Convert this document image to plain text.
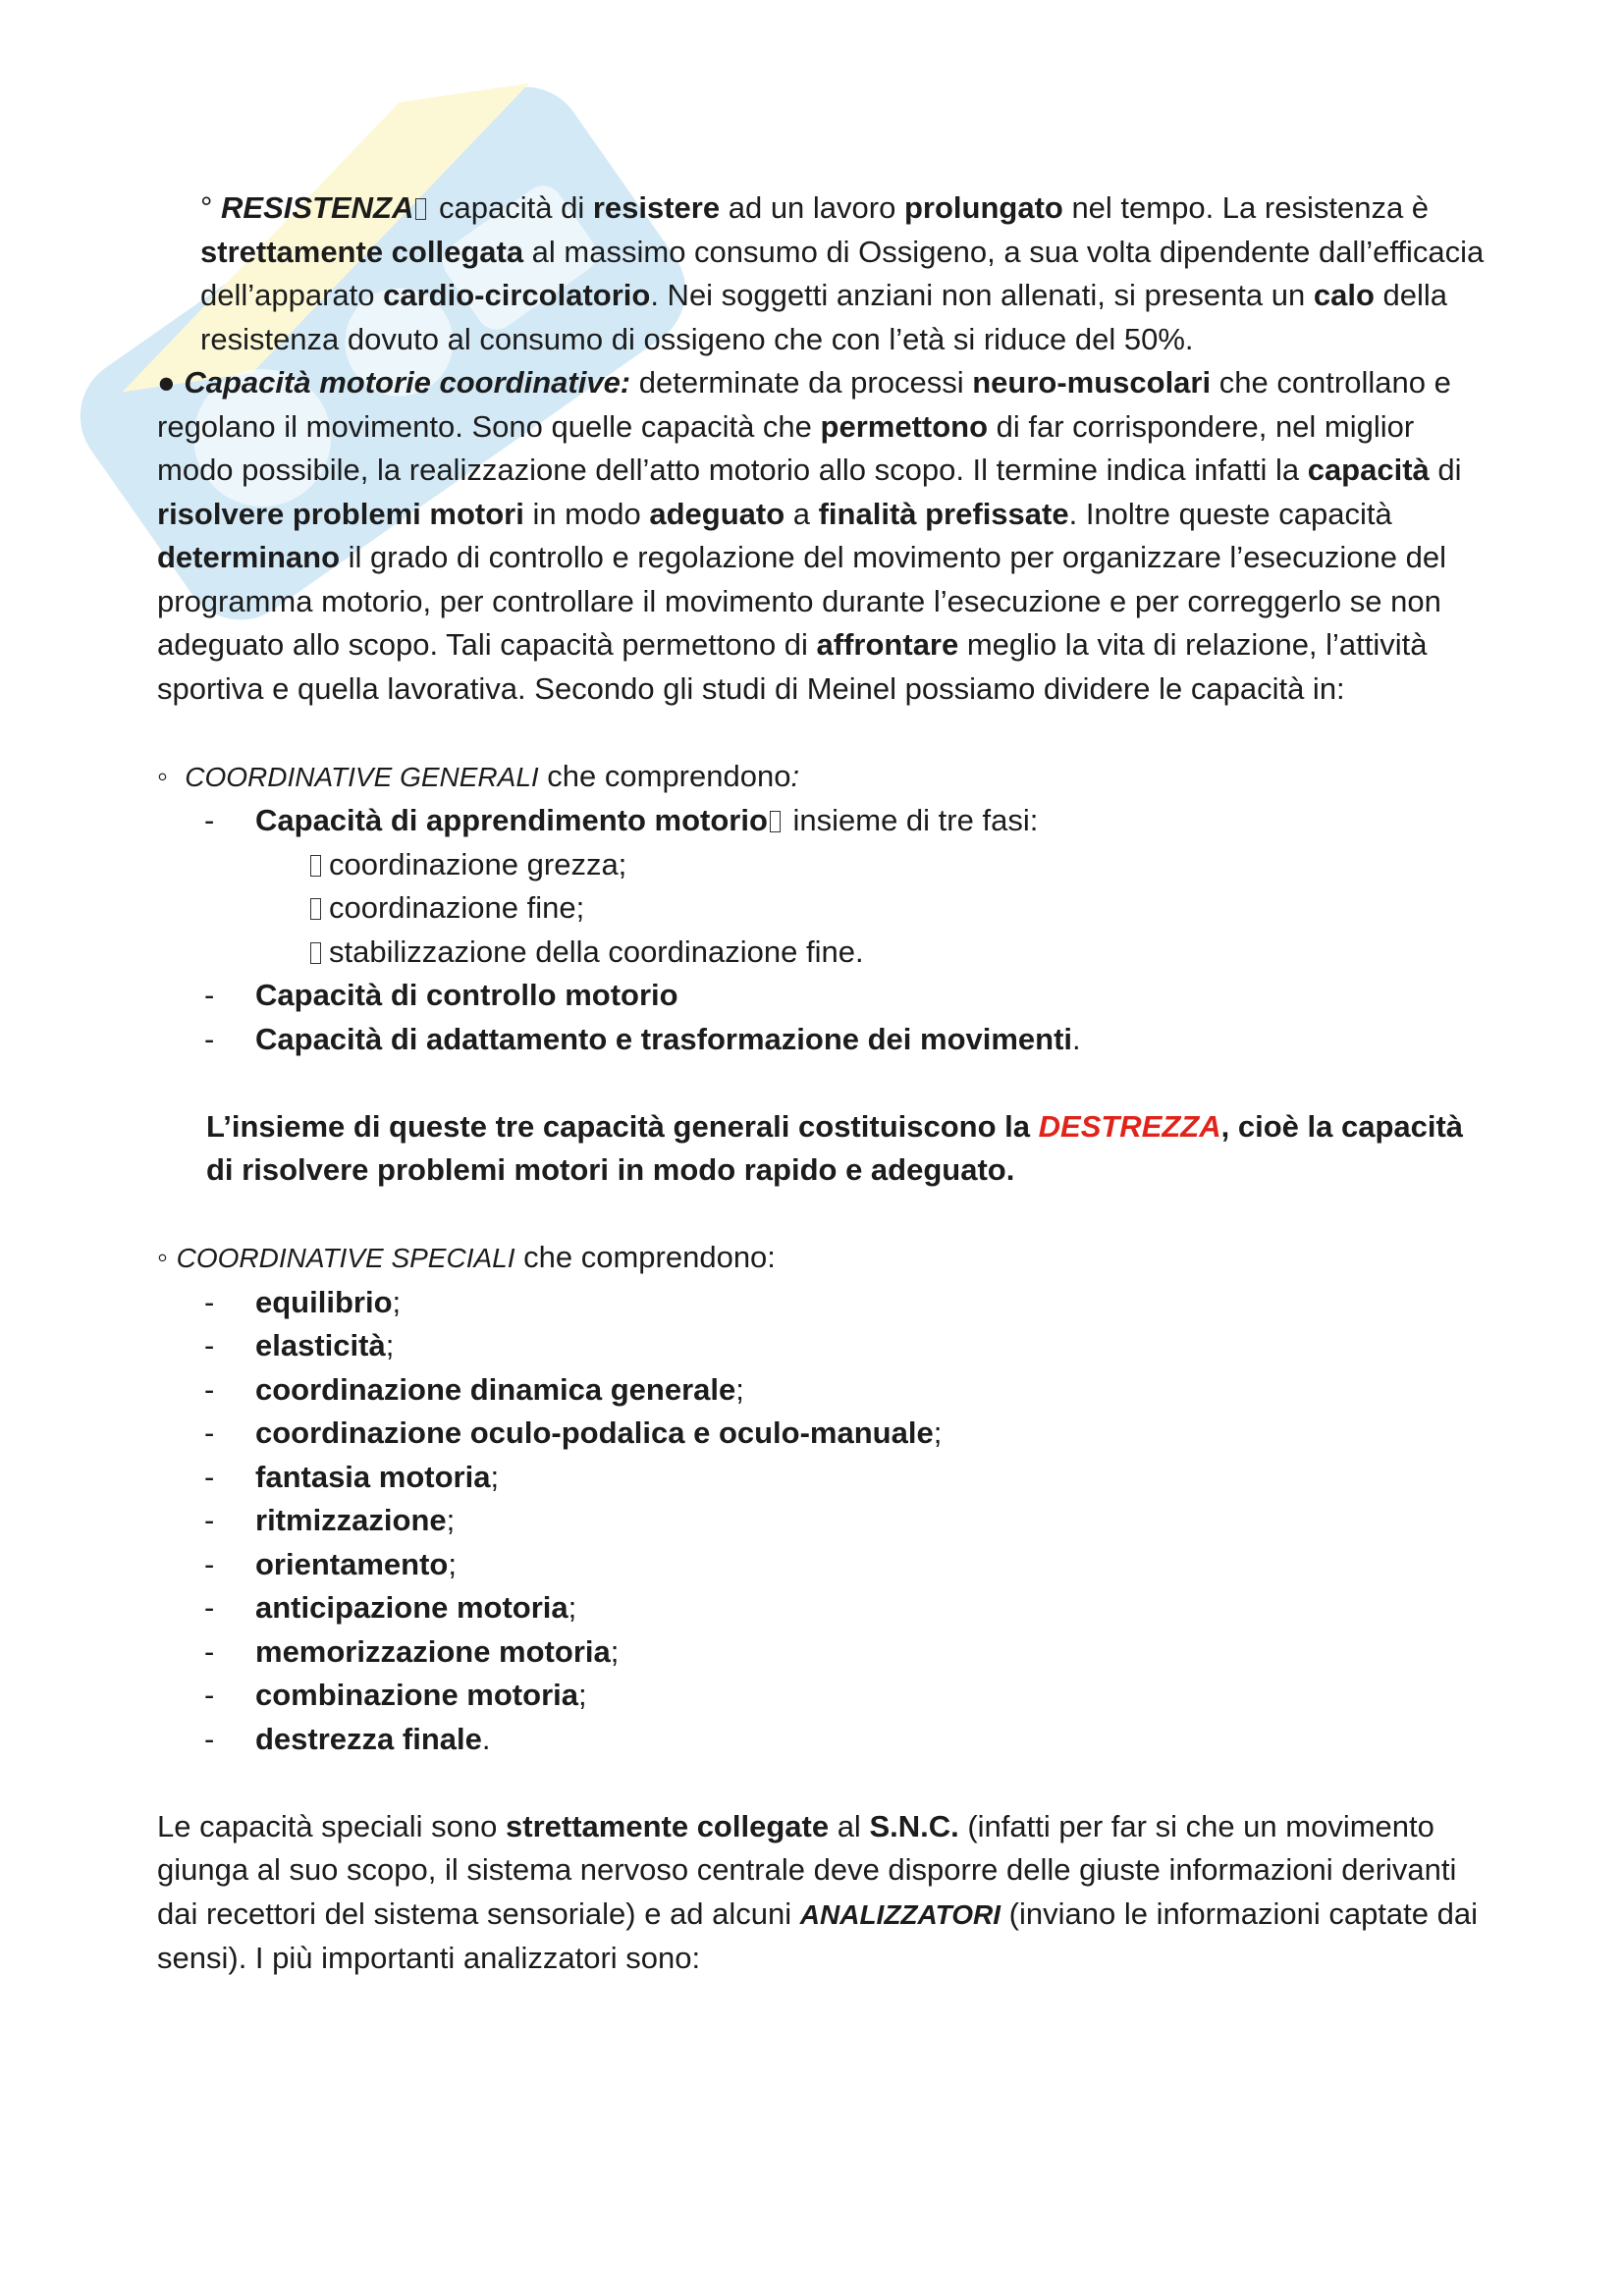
° RESISTENZA capacità di resistere ad un lavoro prolungato nel tempo. La resistenza è strettamente collegata al massimo consumo di Ossigeno, a sua volta dipendente dall’efficacia dell’apparato cardio-circolatorio. Nei soggetti anziani non allenati, si presenta un calo della resistenza dovuto al consumo di ossigeno che con l’età si riduce del 50%.

● Capacità motorie coordinative: determinate da processi neuro-muscolari che controllano e regolano il movimento. Sono quelle capacità che permettono di far corrispondere, nel miglior modo possibile, la realizzazione dell’atto motorio allo scopo. Il termine indica infatti la capacità di risolvere problemi motori in modo adeguato a finalità prefissate. Inoltre queste capacità determinano il grado di controllo e regolazione del movimento per organizzare l’esecuzione del programma motorio, per controllare il movimento durante l’esecuzione e per correggerlo se non adeguato allo scopo. Tali capacità permettono di affrontare meglio la vita di relazione, l’attività sportiva e quella lavorativa. Secondo gli studi di Meinel possiamo dividere le capacità in:

◦ COORDINATIVE GENERALI che comprendono:

-	Capacità di apprendimento motorio insieme di tre fasi:
coordinazione grezza;
coordinazione fine;
stabilizzazione della coordinazione fine.
-	Capacità di controllo motorio
-	Capacità di adattamento e trasformazione dei movimenti.

L’insieme di queste tre capacità generali costituiscono la DESTREZZA, cioè la capacità di risolvere problemi motori in modo rapido e adeguato.

◦ COORDINATIVE SPECIALI che comprendono:

-	equilibrio;
-	elasticità;
-	coordinazione dinamica generale;
-	coordinazione oculo-podalica e oculo-manuale;
-	fantasia motoria;
-	ritmizzazione;
-	orientamento;
-	anticipazione motoria;
-	memorizzazione motoria;
-	combinazione motoria;
-	destrezza finale.

Le capacità speciali sono strettamente collegate al S.N.C. (infatti per far si che un movimento giunga al suo scopo, il sistema nervoso centrale deve disporre delle giuste informazioni derivanti dai recettori del sistema sensoriale) e ad alcuni ANALIZZATORI (inviano le informazioni captate dai sensi). I più importanti analizzatori sono:
